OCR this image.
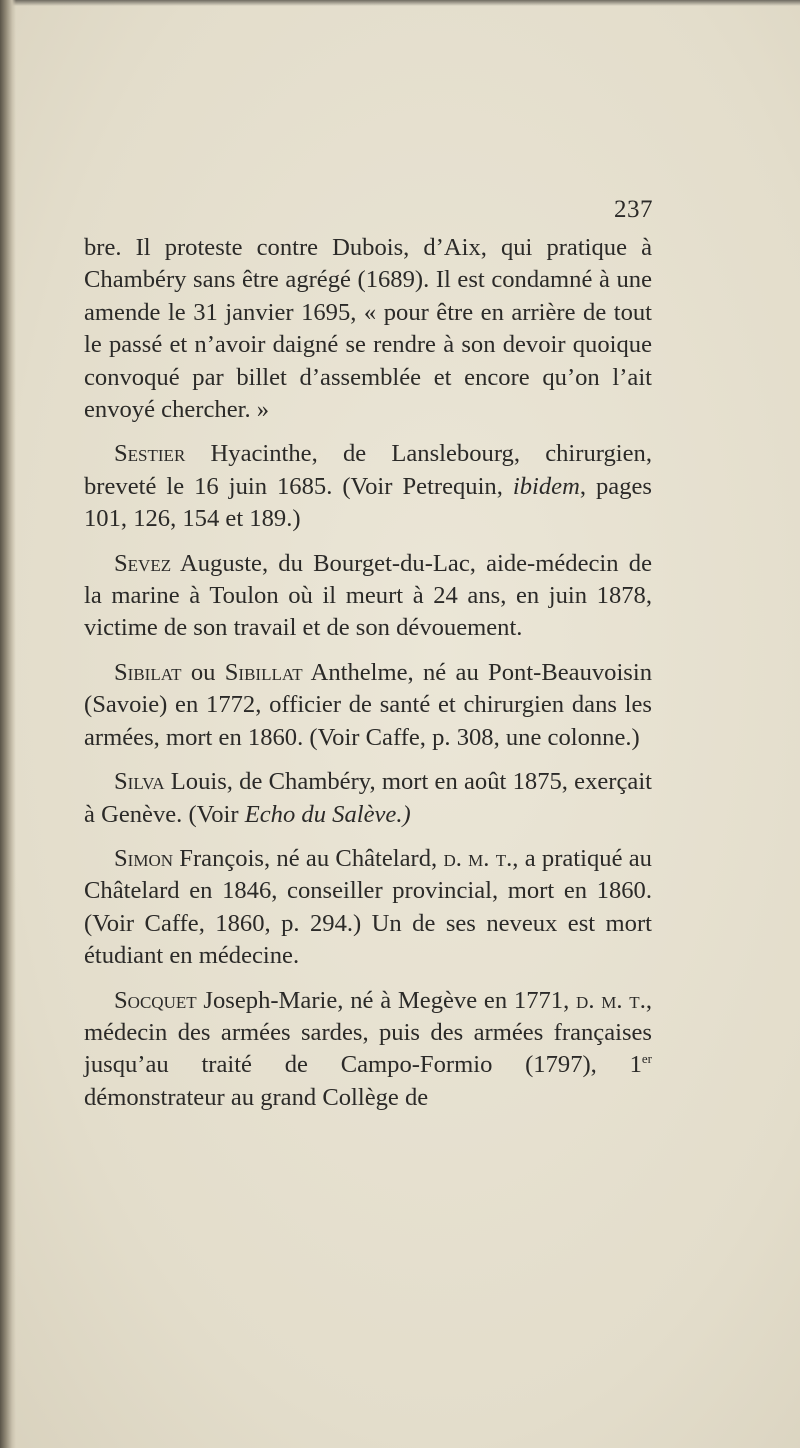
237

bre. Il proteste contre Dubois, d’Aix, qui pratique à Chambéry sans être agrégé (1689). Il est condamné à une amende le 31 janvier 1695, « pour être en arrière de tout le passé et n’avoir daigné se rendre à son devoir quoique convoqué par billet d’assemblée et encore qu’on l’ait envoyé chercher. »

Sestier Hyacinthe, de Lanslebourg, chirurgien, breveté le 16 juin 1685. (Voir Petrequin, ibidem, pages 101, 126, 154 et 189.)

Sevez Auguste, du Bourget-du-Lac, aide-médecin de la marine à Toulon où il meurt à 24 ans, en juin 1878, victime de son travail et de son dévouement.

Sibilat ou Sibillat Anthelme, né au Pont-Beauvoisin (Savoie) en 1772, officier de santé et chirurgien dans les armées, mort en 1860. (Voir Caffe, p. 308, une colonne.)

Silva Louis, de Chambéry, mort en août 1875, exerçait à Genève. (Voir Echo du Salève.)

Simon François, né au Châtelard, d. m. t., a pratiqué au Châtelard en 1846, conseiller provincial, mort en 1860. (Voir Caffe, 1860, p. 294.) Un de ses neveux est mort étudiant en médecine.

Socquet Joseph-Marie, né à Megève en 1771, d. m. t., médecin des armées sardes, puis des armées françaises jusqu’au traité de Campo-Formio (1797), 1er démonstrateur au grand Collège de
